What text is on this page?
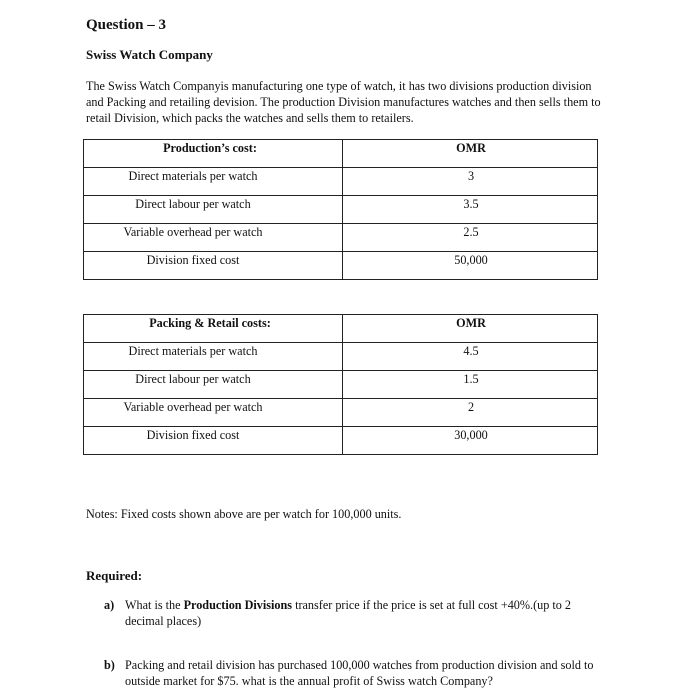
Question – 3
Swiss Watch Company
The Swiss Watch Companyis manufacturing one type of watch, it has two divisions production division and Packing and retailing devision. The production Division manufactures watches and then sells them to retail Division, which packs the watches and sells them to retailers.
Production’s cost:	OMR
Direct materials per watch	3
Direct labour per watch	3.5
Variable overhead per watch	2.5
Division fixed cost	50,000
Packing & Retail costs:	OMR
Direct materials per watch	4.5
Direct labour per watch	1.5
Variable overhead per watch	2
Division fixed cost	30,000
Notes: Fixed costs shown above are per watch for 100,000 units.
Required:
a) What is the Production Divisions transfer price if the price is set at full cost +40%.(up to 2 decimal places)
b) Packing and retail division has purchased 100,000 watches from production division and sold to outside market for $75. what is the annual profit of Swiss watch Company?
